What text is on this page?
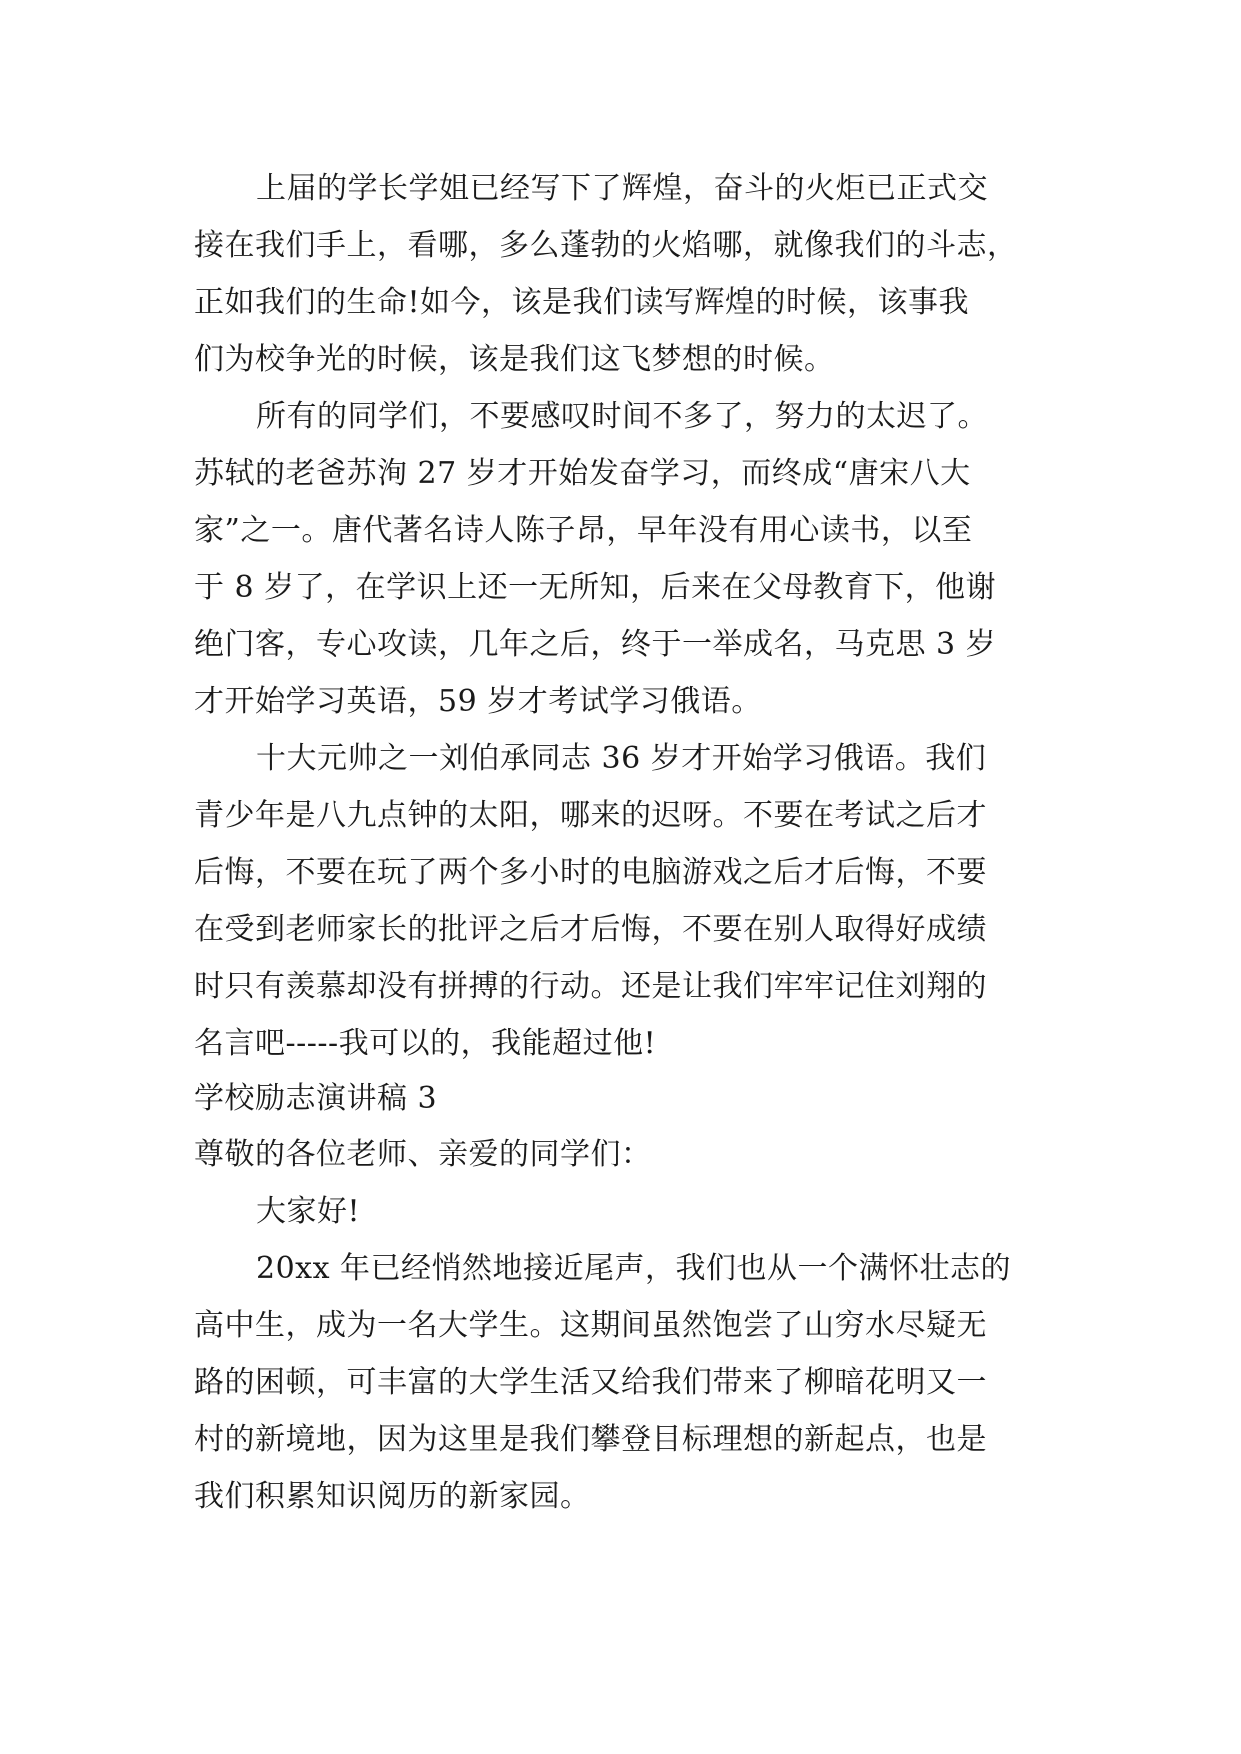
上届的学长学姐已经写下了辉煌，奋斗的火炬已正式交
接在我们手上，看哪，多么蓬勃的火焰哪，就像我们的斗志，
正如我们的生命!如今，该是我们读写辉煌的时候，该事我
们为校争光的时候，该是我们这飞梦想的时候。
所有的同学们，不要感叹时间不多了，努力的太迟了。
苏轼的老爸苏洵 27 岁才开始发奋学习，而终成“唐宋八大
家”之一。唐代著名诗人陈子昂，早年没有用心读书，以至
于 8 岁了，在学识上还一无所知，后来在父母教育下，他谢
绝门客，专心攻读，几年之后，终于一举成名，马克思 3 岁
才开始学习英语，59 岁才考试学习俄语。
十大元帅之一刘伯承同志 36 岁才开始学习俄语。我们
青少年是八九点钟的太阳，哪来的迟呀。不要在考试之后才
后悔，不要在玩了两个多小时的电脑游戏之后才后悔，不要
在受到老师家长的批评之后才后悔，不要在别人取得好成绩
时只有羡慕却没有拼搏的行动。还是让我们牢牢记住刘翔的
名言吧-----我可以的，我能超过他!
学校励志演讲稿 3
尊敬的各位老师、亲爱的同学们：
大家好!
20xx 年已经悄然地接近尾声，我们也从一个满怀壮志的
高中生，成为一名大学生。这期间虽然饱尝了山穷水尽疑无
路的困顿，可丰富的大学生活又给我们带来了柳暗花明又一
村的新境地，因为这里是我们攀登目标理想的新起点，也是
我们积累知识阅历的新家园。
